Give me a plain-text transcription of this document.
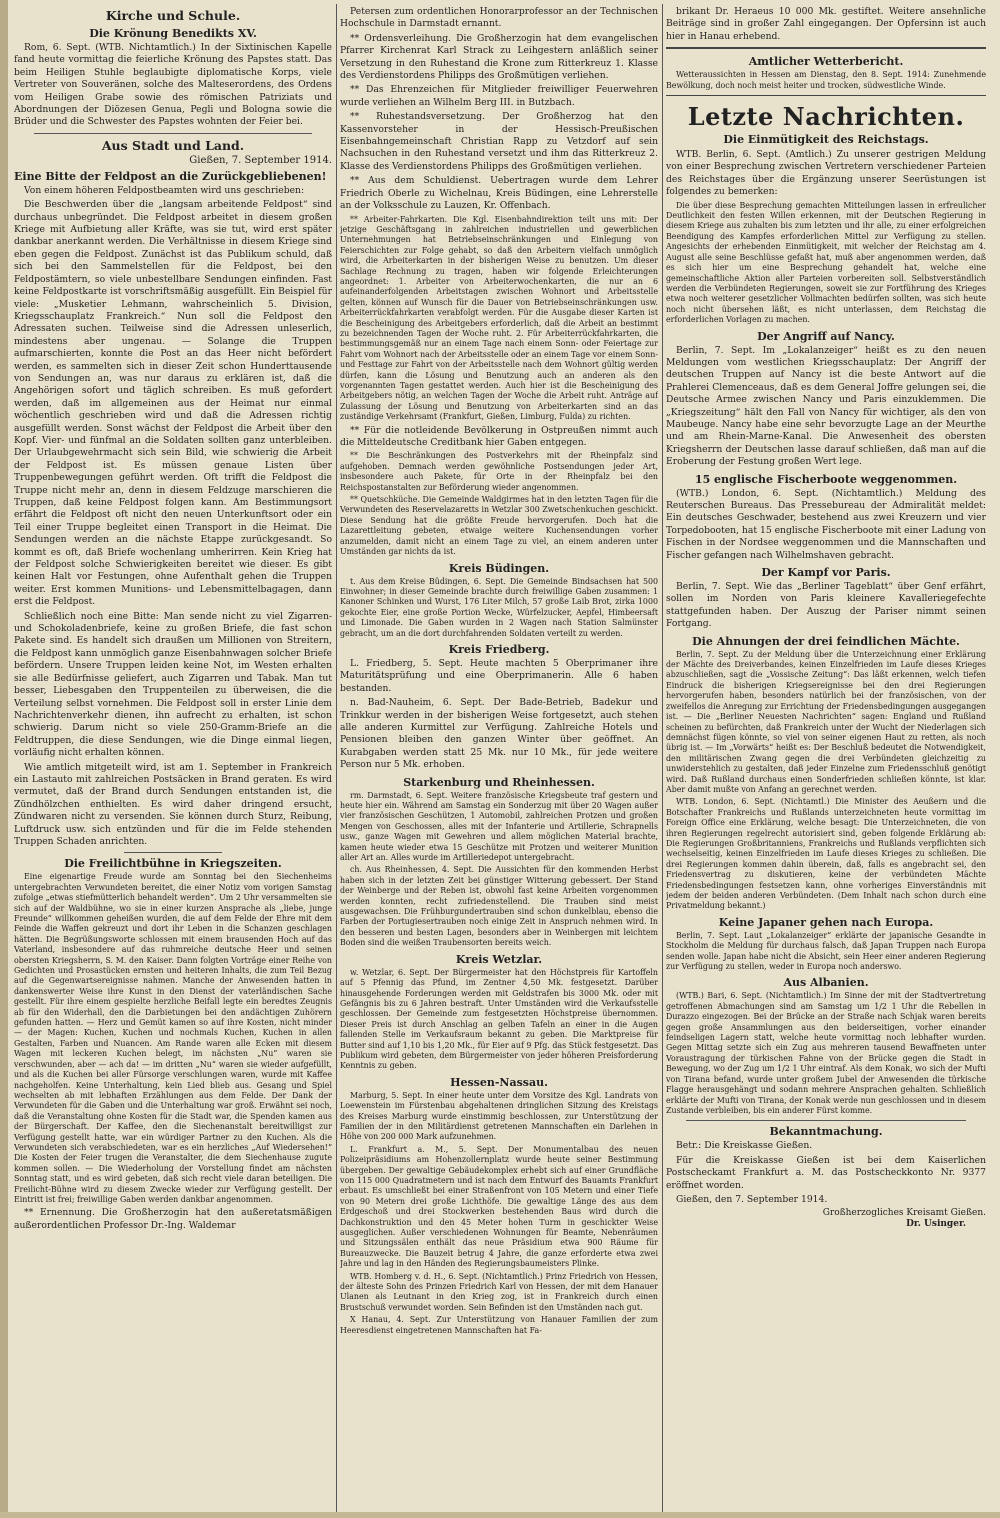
Kirche und Schule.
Die Krönung Benedikts XV.

Rom, 6. Sept. (WTB. Nichtamtlich.) In der Sixtinischen Kapelle fand heute vormittag die feierliche Krönung des Papstes statt. Das beim Heiligen Stuhle beglaubigte diplomatische Korps, viele Vertreter von Souveränen, solche des Malteserordens, des Ordens vom Heiligen Grabe sowie des römischen Patriziats und Abordnungen der Diözesen Genua, Pegli und Bologna sowie die Brüder und die Schwester des Papstes wohnten der Feier bei.

Aus Stadt und Land.
Gießen, 7. September 1914.
Eine Bitte der Feldpost an die Zurückgebliebenen!

Von einem höheren Feldpostbeamten wird uns geschrieben:

Die Beschwerden über die „langsam arbeitende Feldpost“ sind durchaus unbegründet. Die Feldpost arbeitet in diesem großen Kriege mit Aufbietung aller Kräfte, was sie tut, wird erst später dankbar anerkannt werden. Die Verhältnisse in diesem Kriege sind eben gegen die Feldpost. Zunächst ist das Publikum schuld, daß sich bei den Sammelstellen für die Feldpost, bei den Feldpostämtern, so viele unbestellbare Sendungen einfinden. Fast keine Feldpostkarte ist vorschriftsmäßig ausgefüllt. Ein Beispiel für viele: „Musketier Lehmann, wahrscheinlich 5. Division, Kriegsschauplatz Frankreich.“ Nun soll die Feldpost den Adressaten suchen. Teilweise sind die Adressen unleserlich, mindestens aber ungenau. — Solange die Truppen aufmarschierten, konnte die Post an das Heer nicht befördert werden, es sammelten sich in dieser Zeit schon Hunderttausende von Sendungen an, was nur daraus zu erklären ist, daß die Angehörigen sofort und täglich schreiben. Es muß gefordert werden, daß im allgemeinen aus der Heimat nur einmal wöchentlich geschrieben wird und daß die Adressen richtig ausgefüllt werden. Sonst wächst der Feldpost die Arbeit über den Kopf. Vier- und fünfmal an die Soldaten sollten ganz unterbleiben. Der Urlaubgewehrmacht sich sein Bild, wie schwierig die Arbeit der Feldpost ist. Es müssen genaue Listen über Truppenbewegungen geführt werden. Oft trifft die Feldpost die Truppe nicht mehr an, denn in diesem Feldzuge marschieren die Truppen, daß keine Feldpost folgen kann. Am Bestimmungsort erfährt die Feldpost oft nicht den neuen Unterkunftsort oder ein Teil einer Truppe begleitet einen Transport in die Heimat. Die Sendungen werden an die nächste Etappe zurückgesandt. So kommt es oft, daß Briefe wochenlang umherirren. Kein Krieg hat der Feldpost solche Schwierigkeiten bereitet wie dieser. Es gibt keinen Halt vor Festungen, ohne Aufenthalt gehen die Truppen weiter. Erst kommen Munitions- und Lebensmittelbagagen, dann erst die Feldpost.

Schließlich noch eine Bitte: Man sende nicht zu viel Zigarren- und Schokoladenbriefe, keine zu großen Briefe, die fast schon Pakete sind. Es handelt sich draußen um Millionen von Streitern, die Feldpost kann unmöglich ganze Eisenbahnwagen solcher Briefe befördern. Unsere Truppen leiden keine Not, im Westen erhalten sie alle Bedürfnisse geliefert, auch Zigarren und Tabak. Man tut besser, Liebesgaben den Truppenteilen zu überweisen, die die Verteilung selbst vornehmen. Die Feldpost soll in erster Linie dem Nachrichtenverkehr dienen, ihn aufrecht zu erhalten, ist schon schwierig. Darum nicht so viele 250-Gramm-Briefe an die Feldtruppen, die diese Sendungen, wie die Dinge einmal liegen, vorläufig nicht erhalten können.

Wie amtlich mitgeteilt wird, ist am 1. September in Frankreich ein Lastauto mit zahlreichen Postsäcken in Brand geraten. Es wird vermutet, daß der Brand durch Sendungen entstanden ist, die Zündhölzchen enthielten. Es wird daher dringend ersucht, Zündwaren nicht zu versenden. Sie können durch Sturz, Reibung, Luftdruck usw. sich entzünden und für die im Felde stehenden Truppen Schaden anrichten.

Die Freilichtbühne in Kriegszeiten.

Eine eigenartige Freude wurde am Sonntag bei den Siechenheims untergebrachten Verwundeten bereitet, die einer Notiz vom vorigen Samstag zufolge „etwas stiefmütterlich behandelt werden“. Um 2 Uhr versammelten sie sich auf der Waldbühne, wo sie in einer kurzen Ansprache als „liebe, junge Freunde“ willkommen geheißen wurden, die auf dem Felde der Ehre mit dem Feinde die Waffen gekreuzt und dort ihr Leben in die Schanzen geschlagen hätten. Die Begrüßungsworte schlossen mit einem brausenden Hoch auf das Vaterland, insbesondere auf das ruhmreiche deutsche Heer und seinen obersten Kriegsherrn, S. M. den Kaiser. Dann folgten Vorträge einer Reihe von Gedichten und Prosastücken ernsten und heiteren Inhalts, die zum Teil Bezug auf die Gegenwartsereignisse nahmen. Manche der Anwesenden hatten in dankenswerter Weise ihre Kunst in den Dienst der vaterländischen Sache gestellt. Für ihre einem gespielte herzliche Beifall legte ein beredtes Zeugnis ab für den Widerhall, den die Darbietungen bei den andächtigen Zuhörern gefunden hatten. — Herz und Gemüt kamen so auf ihre Kosten, nicht minder — der Magen: Kuchen, Kuchen und nochmals Kuchen, Kuchen in allen Gestalten, Farben und Nuancen. Am Rande waren alle Ecken mit diesem Wagen mit leckeren Kuchen belegt, im nächsten „Nu“ waren sie verschwunden, aber — ach da! — im dritten „Nu“ waren sie wieder aufgefüllt, und als die Kuchen bei aller Fürsorge verschlungen waren, wurde mit Kaffee nachgeholfen. Keine Unterhaltung, kein Lied blieb aus. Gesang und Spiel wechselten ab mit lebhaften Erzählungen aus dem Felde. Der Dank der Verwundeten für die Gaben und die Unterhaltung war groß. Erwähnt sei noch, daß die Veranstaltung ohne Kosten für die Stadt war, die Spenden kamen aus der Bürgerschaft. Der Kaffee, den die Siechenanstalt bereitwilligst zur Verfügung gestellt hatte, war ein würdiger Partner zu den Kuchen. Als die Verwundeten sich verabschiedeten, war es ein herzliches „Auf Wiedersehen!“ Die Kosten der Feier trugen die Veranstalter, die dem Siechenhause zugute kommen sollen. — Die Wiederholung der Vorstellung findet am nächsten Sonntag statt, und es wird gebeten, daß sich recht viele daran beteiligen. Die Freilicht-Bühne wird zu diesem Zwecke wieder zur Verfügung gestellt. Der Eintritt ist frei; freiwillige Gaben werden dankbar angenommen.

** Ernennung. Die Großherzogin hat den außeretatsmäßigen außerordentlichen Professor Dr.-Ing. Waldemar

Petersen zum ordentlichen Honorarprofessor an der Technischen Hochschule in Darmstadt ernannt.

** Ordensverleihung. Die Großherzogin hat dem evangelischen Pfarrer Kirchenrat Karl Strack zu Leihgestern anläßlich seiner Versetzung in den Ruhestand die Krone zum Ritterkreuz 1. Klasse des Verdienstordens Philipps des Großmütigen verliehen.

** Das Ehrenzeichen für Mitglieder freiwilliger Feuerwehren wurde verliehen an Wilhelm Berg III. in Butzbach.

** Ruhestandsversetzung. Der Großherzog hat den Kassenvorsteher in der Hessisch-Preußischen Eisenbahngemeinschaft Christian Rapp zu Vetzdorf auf sein Nachsuchen in den Ruhestand versetzt und ihm das Ritterkreuz 2. Klasse des Verdienstordens Philipps des Großmütigen verliehen.

** Aus dem Schuldienst. Uebertragen wurde dem Lehrer Friedrich Oberle zu Wichelnau, Kreis Büdingen, eine Lehrerstelle an der Volksschule zu Lauzen, Kr. Offenbach.

** Arbeiter-Fahrkarten. Die Kgl. Eisenbahndirektion teilt uns mit: Der jetzige Geschäftsgang in zahlreichen industriellen und gewerblichen Unternehmungen hat Betriebseinschränkungen und Einlegung von Feierschichten zur Folge gehabt, so daß den Arbeitern vielfach unmöglich wird, die Arbeiterkarten in der bisherigen Weise zu benutzen. Um dieser Sachlage Rechnung zu tragen, haben wir folgende Erleichterungen angeordnet: 1. Arbeiter von Arbeiterwochenkarten, die nur an 6 aufeinanderfolgenden Arbeitstagen zwischen Wohnort und Arbeitsstelle gelten, können auf Wunsch für die Dauer von Betriebseinschränkungen usw. Arbeiterrückfahrkarten verabfolgt werden. Für die Ausgabe dieser Karten ist die Bescheinigung des Arbeitgebers erforderlich, daß die Arbeit an bestimmt zu bezeichnenden Tagen der Woche ruht. 2. Für Arbeiterrückfahrkarten, die bestimmungsgemäß nur an einem Tage nach einem Sonn- oder Feiertage zur Fahrt vom Wohnort nach der Arbeitsstelle oder an einem Tage vor einem Sonn- und Festtage zur Fahrt von der Arbeitsstelle nach dem Wohnort gültig werden dürfen, kann die Lösung und Benutzung auch an anderen als den vorgenannten Tagen gestattet werden. Auch hier ist die Bescheinigung des Arbeitgebers nötig, an welchen Tagen der Woche die Arbeit ruht. Anträge auf Zulassung der Lösung und Benutzung von Arbeiterkarten sind an das zuständige Verkehrsamt (Frankfurt, Gießen, Limburg, Fulda) zu richten.

** Für die notleidende Bevölkerung in Ostpreußen nimmt auch die Mitteldeutsche Creditbank hier Gaben entgegen.

** Die Beschränkungen des Postverkehrs mit der Rheinpfalz sind aufgehoben. Demnach werden gewöhnliche Postsendungen jeder Art, insbesondere auch Pakete, für Orte in der Rheinpfalz bei den Reichspostanstalten zur Beförderung wieder angenommen.

** Quetschküche. Die Gemeinde Waldgirmes hat in den letzten Tagen für die Verwundeten des Reservelazaretts in Wetzlar 300 Zwetschenkuchen geschickt. Diese Sendung hat die größte Freude hervorgerufen. Doch hat die Lazarettleitung gebeten, etwaige weitere Kuchensendungen vorher anzumelden, damit nicht an einem Tage zu viel, an einem anderen unter Umständen gar nichts da ist.

Kreis Büdingen.

t. Aus dem Kreise Büdingen, 6. Sept. Die Gemeinde Bindsachsen hat 500 Einwohner; in dieser Gemeinde brachte durch freiwillige Gaben zusammen: 1 Kanoner Schinken und Wurst, 176 Liter Milch, 57 große Laib Brot, zirka 1000 gekochte Eier, eine große Portion Wecke, Würfelzucker, Aepfel, Himbeersaft und Limonade. Die Gaben wurden in 2 Wagen nach Station Salmünster gebracht, um an die dort durchfahrenden Soldaten verteilt zu werden.

Kreis Friedberg.

L. Friedberg, 5. Sept. Heute machten 5 Oberprimaner ihre Maturitätsprüfung und eine Oberprimanerin. Alle 6 haben bestanden.

n. Bad-Nauheim, 6. Sept. Der Bade-Betrieb, Badekur und Trinkkur werden in der bisherigen Weise fortgesetzt, auch stehen alle anderen Kurmittel zur Verfügung. Zahlreiche Hotels und Pensionen bleiben den ganzen Winter über geöffnet. An Kurabgaben werden statt 25 Mk. nur 10 Mk., für jede weitere Person nur 5 Mk. erhoben.

Starkenburg und Rheinhessen.

rm. Darmstadt, 6. Sept. Weitere französische Kriegsbeute traf gestern und heute hier ein. Während am Samstag ein Sonderzug mit über 20 Wagen außer vier französischen Geschützen, 1 Automobil, zahlreichen Protzen und großen Mengen von Geschossen, alles mit der Infanterie und Artillerie, Schrapnells usw., ganze Wagen mit Gewehren und allem möglichen Material brachte, kamen heute wieder etwa 15 Geschütze mit Protzen und weiterer Munition aller Art an. Alles wurde im Artilleriedepot untergebracht.

ch. Aus Rheinhessen, 4. Sept. Die Aussichten für den kommenden Herbst haben sich in der letzten Zeit bei günstiger Witterung gebessert. Der Stand der Weinberge und der Reben ist, obwohl fast keine Arbeiten vorgenommen werden konnten, recht zufriedenstellend. Die Trauben sind meist ausgewachsen. Die Frühburgundertrauben sind schon dunkelblau, ebenso die Farben der Portugiesertrauben noch einige Zeit in Anspruch nehmen wird. In den besseren und besten Lagen, besonders aber in Weinbergen mit leichtem Boden sind die weißen Traubensorten bereits weich.

Kreis Wetzlar.

w. Wetzlar, 6. Sept. Der Bürgermeister hat den Höchstpreis für Kartoffeln auf 5 Pfennig das Pfund, im Zentner 4,50 Mk. festgesetzt. Darüber hinausgehende Forderungen werden mit Geldstrafen bis 3000 Mk. oder mit Gefängnis bis zu 6 Jahren bestraft. Unter Umständen wird die Verkaufsstelle geschlossen. Der Gemeinde zum festgesetzten Höchstpreise übernommen. Dieser Preis ist durch Anschlag an gelben Tafeln an einer in die Augen fallenden Stelle im Verkaufsraum bekannt zu geben. Die Marktpreise für Butter sind auf 1,10 bis 1,20 Mk., für Eier auf 9 Pfg. das Stück festgesetzt. Das Publikum wird gebeten, dem Bürgermeister von jeder höheren Preisforderung Kenntnis zu geben.

Hessen-Nassau.

Marburg, 5. Sept. In einer heute unter dem Vorsitze des Kgl. Landrats von Loewenstein im Fürstenbau abgehaltenen dringlichen Sitzung des Kreistags des Kreises Marburg wurde einstimmig beschlossen, zur Unterstützung der Familien der in den Militärdienst getretenen Mannschaften ein Darlehen in Höhe von 200 000 Mark aufzunehmen.

L. Frankfurt a. M., 5. Sept. Der Monumentalbau des neuen Polizeipräsidiums am Hohenzollernplatz wurde heute seiner Bestimmung übergeben. Der gewaltige Gebäudekomplex erhebt sich auf einer Grundfläche von 115 000 Quadratmetern und ist nach dem Entwurf des Bauamts Frankfurt erbaut. Es umschließt bei einer Straßenfront von 105 Metern und einer Tiefe von 90 Metern drei große Lichthöfe. Die gewaltige Länge des aus dem Erdgeschoß und drei Stockwerken bestehenden Baus wird durch die Dachkonstruktion und den 45 Meter hohen Turm in geschickter Weise ausgeglichen. Außer verschiedenen Wohnungen für Beamte, Nebenräumen und Sitzungssälen enthält das neue Präsidium etwa 900 Räume für Bureauzwecke. Die Bauzeit betrug 4 Jahre, die ganze erforderte etwa zwei Jahre und lag in den Händen des Regierungsbaumeisters Plinke.

WTB. Homberg v. d. H., 6. Sept. (Nichtamtlich.) Prinz Friedrich von Hessen, der älteste Sohn des Prinzen Friedrich Karl von Hessen, der mit dem Hanauer Ulanen als Leutnant in den Krieg zog, ist in Frankreich durch einen Brustschuß verwundet worden. Sein Befinden ist den Umständen nach gut.

X Hanau, 4. Sept. Zur Unterstützung von Hanauer Familien der zum Heeresdienst eingetretenen Mannschaften hat Fa-

brikant Dr. Heraeus 10 000 Mk. gestiftet. Weitere ansehnliche Beiträge sind in großer Zahl eingegangen. Der Opfersinn ist auch hier in Hanau erhebend.

Amtlicher Wetterbericht.

Wetteraussichten in Hessen am Dienstag, den 8. Sept. 1914: Zunehmende Bewölkung, doch noch meist heiter und trocken, südwestliche Winde.

Letzte Nachrichten.
Die Einmütigkeit des Reichstags.

WTB. Berlin, 6. Sept. (Amtlich.) Zu unserer gestrigen Meldung von einer Besprechung zwischen Vertretern verschiedener Parteien des Reichstages über die Ergänzung unserer Seerüstungen ist folgendes zu bemerken:

Die über diese Besprechung gemachten Mitteilungen lassen in erfreulicher Deutlichkeit den festen Willen erkennen, mit der Deutschen Regierung in diesem Kriege aus zuhalten bis zum letzten und ihr alle, zu einer erfolgreichen Beendigung des Kampfes erforderlichen Mittel zur Verfügung zu stellen. Angesichts der erhebenden Einmütigkeit, mit welcher der Reichstag am 4. August alle seine Beschlüsse gefaßt hat, muß aber angenommen werden, daß es sich hier um eine Besprechung gehandelt hat, welche eine gemeinschaftliche Aktion aller Parteien vorbereiten soll. Selbstverständlich werden die Verbündeten Regierungen, soweit sie zur Fortführung des Krieges etwa noch weiterer gesetzlicher Vollmachten bedürfen sollten, was sich heute noch nicht übersehen läßt, es nicht unterlassen, dem Reichstag die erforderlichen Vorlagen zu machen.

Der Angriff auf Nancy.

Berlin, 7. Sept. Im „Lokalanzeiger“ heißt es zu den neuen Meldungen vom westlichen Kriegsschauplatz: Der Angriff der deutschen Truppen auf Nancy ist die beste Antwort auf die Prahlerei Clemenceaus, daß es dem General Joffre gelungen sei, die Deutsche Armee zwischen Nancy und Paris einzuklemmen. Die „Kriegszeitung“ hält den Fall von Nancy für wichtiger, als den von Maubeuge. Nancy habe eine sehr bevorzugte Lage an der Meurthe und am Rhein-Marne-Kanal. Die Anwesenheit des obersten Kriegsherrn der Deutschen lasse darauf schließen, daß man auf die Eroberung der Festung großen Wert lege.

15 englische Fischerboote weggenommen.

(WTB.) London, 6. Sept. (Nichtamtlich.) Meldung des Reuterschen Bureaus. Das Pressebureau der Admiralität meldet: Ein deutsches Geschwader, bestehend aus zwei Kreuzern und vier Torpedobooten, hat 15 englische Fischerboote mit einer Ladung von Fischen in der Nordsee weggenommen und die Mannschaften und Fischer gefangen nach Wilhelmshaven gebracht.

Der Kampf vor Paris.

Berlin, 7. Sept. Wie das „Berliner Tageblatt“ über Genf erfährt, sollen im Norden von Paris kleinere Kavalleriegefechte stattgefunden haben. Der Auszug der Pariser nimmt seinen Fortgang.

Die Ahnungen der drei feindlichen Mächte.

Berlin, 7. Sept. Zu der Meldung über die Unterzeichnung einer Erklärung der Mächte des Dreiverbandes, keinen Einzelfrieden im Laufe dieses Krieges abzuschließen, sagt die „Vossische Zeitung“: Das läßt erkennen, welch tiefen Eindruck die bisherigen Kriegsereignisse bei den drei Regierungen hervorgerufen haben, besonders natürlich bei der französischen, von der zweifellos die Anregung zur Errichtung der Friedensbedingungen ausgegangen ist. — Die „Berliner Neuesten Nachrichten“ sagen: England und Rußland scheinen zu befürchten, daß Frankreich unter der Wucht der Niederlagen sich demnächst fügen könnte, so viel von seiner eigenen Haut zu retten, als noch übrig ist. — Im „Vorwärts“ heißt es: Der Beschluß bedeutet die Notwendigkeit, den militärischen Zwang gegen die drei Verbündeten gleichzeitig zu unwiderstehlich zu gestalten, daß jeder Einzelne zum Friedensschluß genötigt wird. Daß Rußland durchaus einen Sonderfrieden schließen könnte, ist klar. Aber damit mußte von Anfang an gerechnet werden.

WTB. London, 6. Sept. (Nichtamtl.) Die Minister des Aeußern und die Botschafter Frankreichs und Rußlands unterzeichneten heute vormittag im Foreign Office eine Erklärung, welche besagt: Die Unterzeichneten, die von ihren Regierungen regelrecht autorisiert sind, geben folgende Erklärung ab: Die Regierungen Großbritanniens, Frankreichs und Rußlands verpflichten sich wechselseitig, keinen Einzelfrieden im Laufe dieses Krieges zu schließen. Die drei Regierungen kommen dahin überein, daß, falls es angebracht sei, den Friedensvertrag zu diskutieren, keine der verbündeten Mächte Friedensbedingungen festsetzen kann, ohne vorheriges Einverständnis mit jedem der beiden anderen Verbündeten. (Dem Inhalt nach schon durch eine Privatmeldung bekannt.)

Keine Japaner gehen nach Europa.

Berlin, 7. Sept. Laut „Lokalanzeiger“ erklärte der japanische Gesandte in Stockholm die Meldung für durchaus falsch, daß Japan Truppen nach Europa senden wolle. Japan habe nicht die Absicht, sein Heer einer anderen Regierung zur Verfügung zu stellen, weder in Europa noch anderswo.

Aus Albanien.

(WTB.) Bari, 6. Sept. (Nichtamtlich.) Im Sinne der mit der Stadtvertretung getroffenen Abmachungen sind am Samstag um 1/2 1 Uhr die Rebellen in Durazzo eingezogen. Bei der Brücke an der Straße nach Schjak waren bereits gegen große Ansammlungen aus den beiderseitigen, vorher einander feindseligen Lagern statt, welche heute vormittag noch lebhafter wurden. Gegen Mittag setzte sich ein Zug aus mehreren tausend Bewaffneten unter Voraustragung der türkischen Fahne von der Brücke gegen die Stadt in Bewegung, wo der Zug um 1/2 1 Uhr eintraf. Als dem Konak, wo sich der Mufti von Tirana befand, wurde unter großem Jubel der Anwesenden die türkische Flagge herausgehängt und sodann mehrere Ansprachen gehalten. Schließlich erklärte der Mufti von Tirana, der Konak werde nun geschlossen und in diesem Zustande verbleiben, bis ein anderer Fürst komme.

Bekanntmachung.

Betr.: Die Kreiskasse Gießen.

Für die Kreiskasse Gießen ist bei dem Kaiserlichen Postscheckamt Frankfurt a. M. das Postscheckkonto Nr. 9377 eröffnet worden.

Gießen, den 7. September 1914.

Großherzogliches Kreisamt Gießen.
Dr. Usinger.
